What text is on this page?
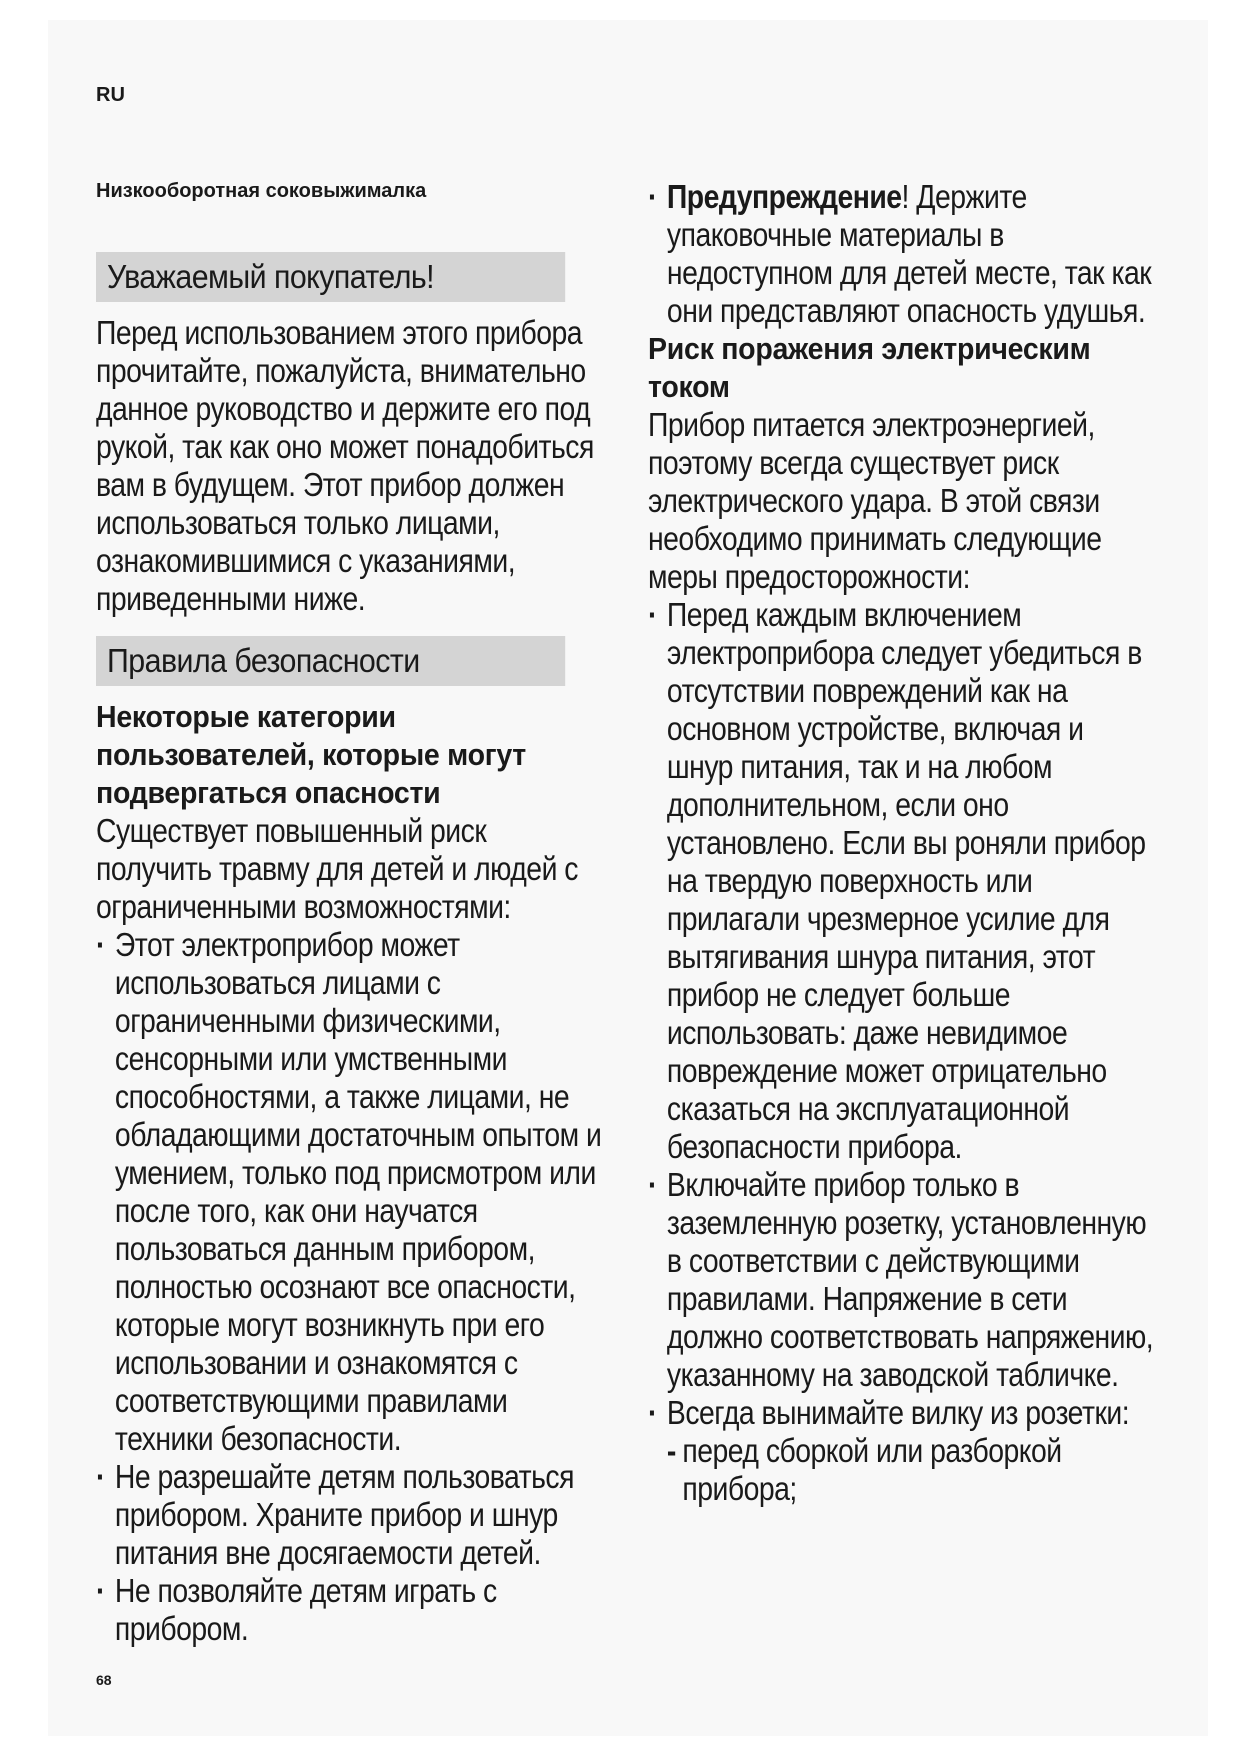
RU
Низкооборотная соковыжималка
Уважаемый покупатель!
Перед использованием этого прибора прочитайте, пожалуйста, внимательно данное руководство и держите его под рукой, так как оно может понадобиться вам в будущем. Этот прибор должен использоваться только лицами, ознакомившимися с указаниями, приведенными ниже.
Правила безопасности
Некоторые категории пользователей, которые могут подвергаться опасности
Существует повышенный риск получить травму для детей и людей с ограниченными возможностями:
· Этот электроприбор может использоваться лицами с ограниченными физическими, сенсорными или умственными способностями, а также лицами, не обладающими достаточным опытом и умением, только под присмотром или после того, как они научатся пользоваться данным прибором, полностью осознают все опасности, которые могут возникнуть при его использовании и ознакомятся с соответствующими правилами техники безопасности.
· Не разрешайте детям пользоваться прибором. Храните прибор и шнур питания вне досягаемости детей.
· Не позволяйте детям играть с прибором.
· Предупреждение! Держите упаковочные материалы в недоступном для детей месте, так как они представляют опасность удушья.
Риск поражения электрическим током
Прибор питается электроэнергией, поэтому всегда существует риск электрического удара. В этой связи необходимо принимать следующие меры предосторожности:
· Перед каждым включением электроприбора следует убедиться в отсутствии повреждений как на основном устройстве, включая и шнур питания, так и на любом дополнительном, если оно установлено. Если вы роняли прибор на твердую поверхность или прилагали чрезмерное усилие для вытягивания шнура питания, этот прибор не следует больше использовать: даже невидимое повреждение может отрицательно сказаться на эксплуатационной безопасности прибора.
· Включайте прибор только в заземленную розетку, установленную в соответствии с действующими правилами. Напряжение в сети должно соответствовать напряжению, указанному на заводской табличке.
· Всегда вынимайте вилку из розетки:
- перед сборкой или разборкой прибора;
68
